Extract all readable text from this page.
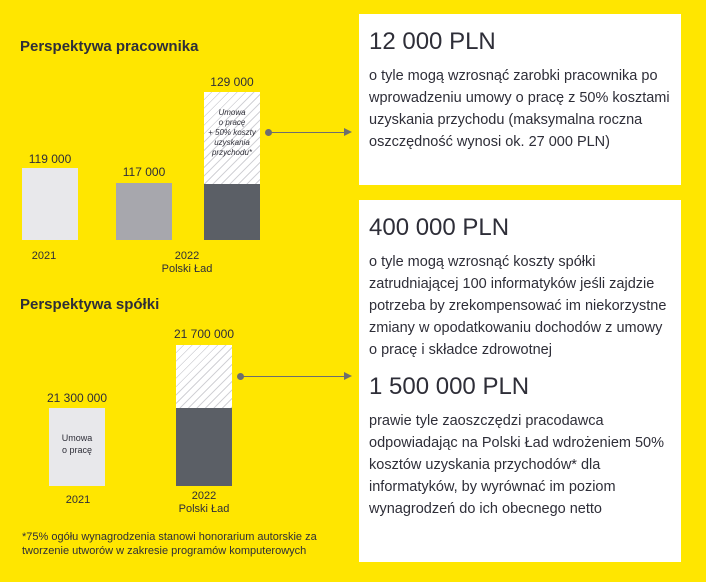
Perspektywa pracownika
119 000
117 000
129 000
Umowa
o pracę
+ 50% koszty
uzyskania
przychodu*
2021	2022
Polski Ład
Perspektywa spółki
21 300 000
Umowa
o pracę
21 700 000
2021	2022
Polski Ład
12 000 PLN
o tyle mogą wzrosnąć zarobki pracownika po wprowadzeniu umowy o pracę z 50% kosztami uzyskania przychodu (maksymalna roczna oszczędność wynosi ok. 27 000 PLN)
400 000 PLN
o tyle mogą wzrosnąć koszty spółki zatrudniającej 100 informatyków jeśli zajdzie potrzeba by zrekompensować im niekorzystne zmiany w opodatkowaniu dochodów z umowy o pracę i składce zdrowotnej
1 500 000 PLN
prawie tyle zaoszczędzi pracodawca odpowiadając na Polski Ład wdrożeniem 50% kosztów uzyskania przychodów* dla informatyków, by wyrównać im poziom wynagrodzeń do ich obecnego netto
*75% ogółu wynagrodzenia stanowi honorarium autorskie za tworzenie utworów w zakresie programów komputerowych
